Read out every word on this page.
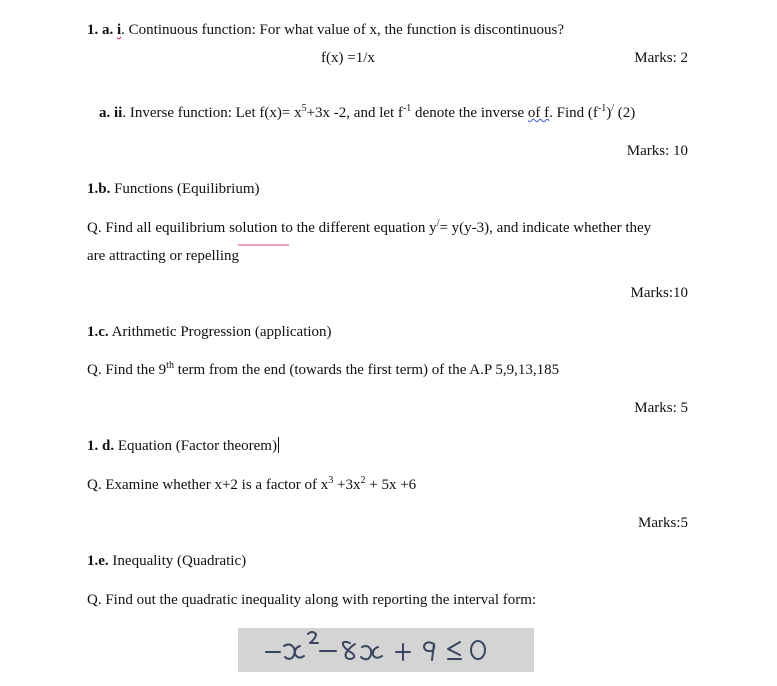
1. a. i. Continuous function: For what value of x, the function is discontinuous?
f(x) =1/x	Marks: 2
a. ii. Inverse function: Let $f(x)= x^5+3x$ -2, and let $f^{-1}$ denote the inverse of f. Find $(f^{-1})^/$ (2)
Marks: 10
1.b. Functions (Equilibrium)
Q. Find all equilibrium solution to the different equation y/= y(y-3), and indicate whether they
are attracting or repelling
Marks:10
1.c. Arithmetic Progression (application)
Q. Find the 9th term from the end (towards the first term) of the A.P 5,9,13,185
Marks: 5
1. d. Equation (Factor theorem)
Q. Examine whether x+2 is a factor of $x^3 +3x^2 + 5x +6$
Marks:5
1.e. Inequality (Quadratic)
Q. Find out the quadratic inequality along with reporting the interval form:
